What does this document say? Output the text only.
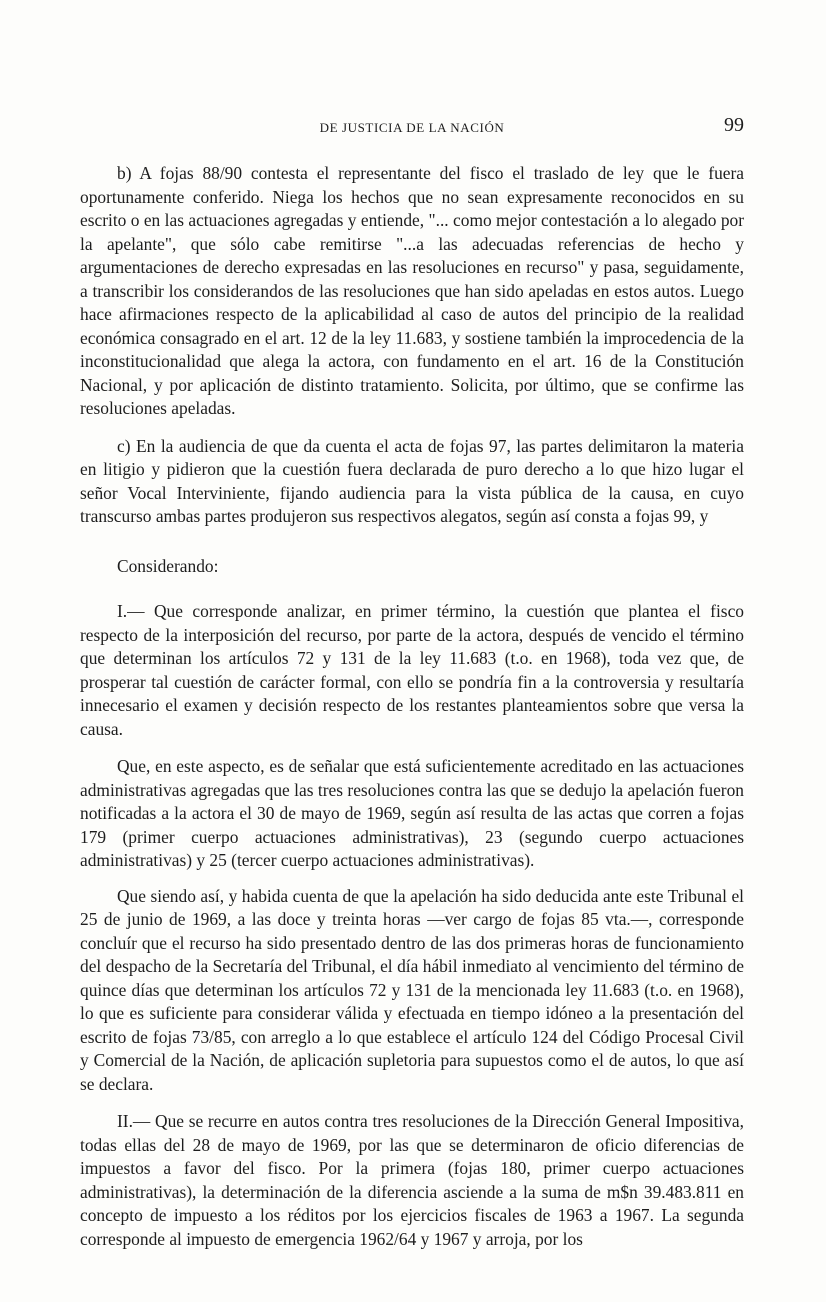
DE JUSTICIA DE LA NACIÓN	99

b) A fojas 88/90 contesta el representante del fisco el traslado de ley que le fuera oportunamente conferido. Niega los hechos que no sean expresamente reconocidos en su escrito o en las actuaciones agregadas y entiende, "... como mejor contestación a lo alegado por la apelante", que sólo cabe remitirse "...a las adecuadas referencias de hecho y argumentaciones de derecho expresadas en las resoluciones en recurso" y pasa, seguidamente, a transcribir los considerandos de las resoluciones que han sido apeladas en estos autos. Luego hace afirmaciones respecto de la aplicabilidad al caso de autos del principio de la realidad económica consagrado en el art. 12 de la ley 11.683, y sostiene también la improcedencia de la inconstitucionalidad que alega la actora, con fundamento en el art. 16 de la Constitución Nacional, y por aplicación de distinto tratamiento. Solicita, por último, que se confirme las resoluciones apeladas.

c) En la audiencia de que da cuenta el acta de fojas 97, las partes delimitaron la materia en litigio y pidieron que la cuestión fuera declarada de puro derecho a lo que hizo lugar el señor Vocal Interviniente, fijando audiencia para la vista pública de la causa, en cuyo transcurso ambas partes produjeron sus respectivos alegatos, según así consta a fojas 99, y

Considerando:

I.— Que corresponde analizar, en primer término, la cuestión que plantea el fisco respecto de la interposición del recurso, por parte de la actora, después de vencido el término que determinan los artículos 72 y 131 de la ley 11.683 (t.o. en 1968), toda vez que, de prosperar tal cuestión de carácter formal, con ello se pondría fin a la controversia y resultaría innecesario el examen y decisión respecto de los restantes planteamientos sobre que versa la causa.

Que, en este aspecto, es de señalar que está suficientemente acreditado en las actuaciones administrativas agregadas que las tres resoluciones contra las que se dedujo la apelación fueron notificadas a la actora el 30 de mayo de 1969, según así resulta de las actas que corren a fojas 179 (primer cuerpo actuaciones administrativas), 23 (segundo cuerpo actuaciones administrativas) y 25 (tercer cuerpo actuaciones administrativas).

Que siendo así, y habida cuenta de que la apelación ha sido deducida ante este Tribunal el 25 de junio de 1969, a las doce y treinta horas —ver cargo de fojas 85 vta.—, corresponde concluír que el recurso ha sido presentado dentro de las dos primeras horas de funcionamiento del despacho de la Secretaría del Tribunal, el día hábil inmediato al vencimiento del término de quince días que determinan los artículos 72 y 131 de la mencionada ley 11.683 (t.o. en 1968), lo que es suficiente para considerar válida y efectuada en tiempo idóneo a la presentación del escrito de fojas 73/85, con arreglo a lo que establece el artículo 124 del Código Procesal Civil y Comercial de la Nación, de aplicación supletoria para supuestos como el de autos, lo que así se declara.

II.— Que se recurre en autos contra tres resoluciones de la Dirección General Impositiva, todas ellas del 28 de mayo de 1969, por las que se determinaron de oficio diferencias de impuestos a favor del fisco. Por la primera (fojas 180, primer cuerpo actuaciones administrativas), la determinación de la diferencia asciende a la suma de m$n 39.483.811 en concepto de impuesto a los réditos por los ejercicios fiscales de 1963 a 1967. La segunda corresponde al impuesto de emergencia 1962/64 y 1967 y arroja, por los
